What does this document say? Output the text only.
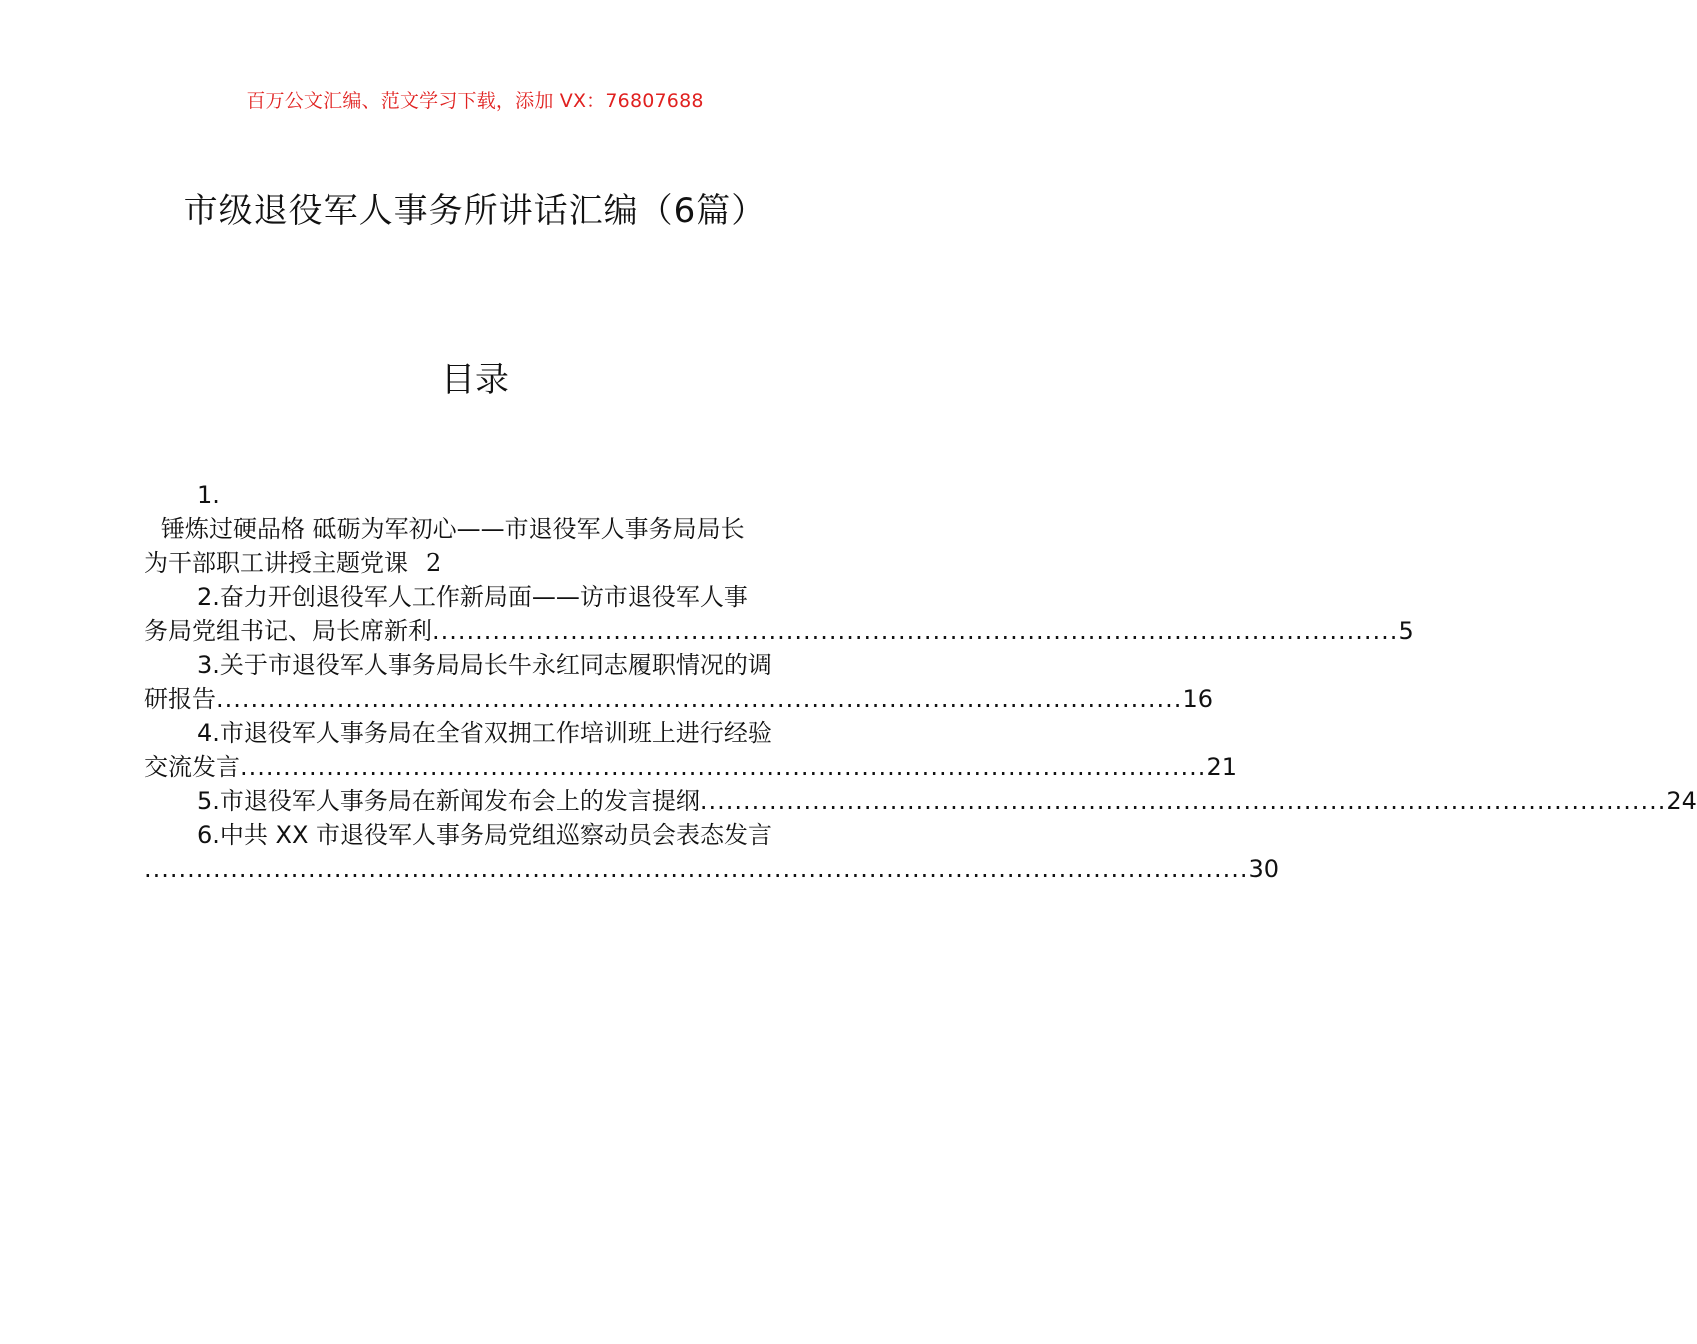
百万公文汇编、范文学习下载，添加 VX：76807688
市级退役军人事务所讲话汇编（6篇）
目录
1.
锤炼过硬品格 砥砺为军初心——市退役军人事务局局长
为干部职工讲授主题党课 2
2.奋力开创退役军人工作新局面——访市退役军人事
务局党组书记、局长席新利 ................................................................................................................ 5
3.关于市退役军人事务局局长牛永红同志履职情况的调
研报告 ................................................................................................................ 16
4.市退役军人事务局在全省双拥工作培训班上进行经验
交流发言 ................................................................................................................ 21
5.市退役军人事务局在新闻发布会上的发言提纲 ................................................................................................................ 24
6.中共 XX 市退役军人事务局党组巡察动员会表态发言
................................................................................................................................ 30
